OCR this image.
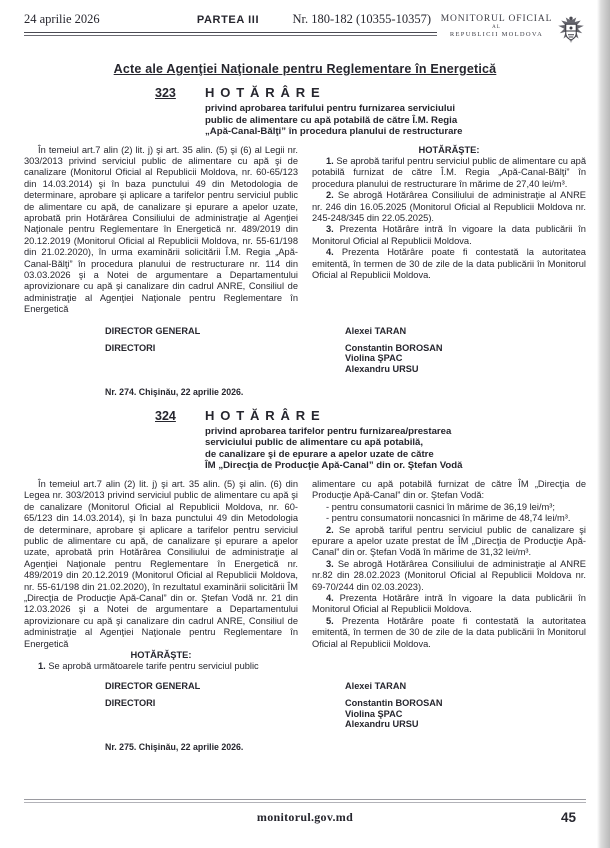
24 aprilie 2026	PARTEA III	Nr. 180-182 (10355-10357)	MONITORUL OFICIAL
AL
REPUBLICII MOLDOVA
Acte ale Agenţiei Naţionale pentru Reglementare în Energetică
323	HOTĂRÂRE
privind aprobarea tarifului pentru furnizarea serviciului
public de alimentare cu apă potabilă de către Î.M. Regia
„Apă-Canal-Bălţi” în procedura planului de restructurare

În temeiul art.7 alin (2) lit. j) şi art. 35 alin. (5) şi (6) al Legii nr. 303/2013 privind serviciul public de alimentare cu apă şi de canalizare (Monitorul Oficial al Republicii Moldova, nr. 60-65/123 din 14.03.2014) şi în baza punctului 49 din Metodologia de determinare, aprobare şi aplicare a tarifelor pentru serviciul public de alimentare cu apă, de canalizare şi epurare a apelor uzate, aprobată prin Hotărârea Consiliului de administraţie al Agenţiei Naţionale pentru Reglementare în Energetică nr. 489/2019 din 20.12.2019 (Monitorul Oficial al Republicii Moldova, nr. 55-61/198 din 21.02.2020), în urma examinării solicitării Î.M. Regia „Apă-Canal-Bălţi” în procedura planului de restructurare nr. 114 din 03.03.2026 şi a Notei de argumentare a Departamentului aprovizionare cu apă şi canalizare din cadrul ANRE, Consiliul de administraţie al Agenţiei Naţionale pentru Reglementare în Energetică

HOTĂRĂŞTE:

1. Se aprobă tariful pentru serviciul public de alimentare cu apă potabilă furnizat de către Î.M. Regia „Apă-Canal-Bălţi” în procedura planului de restructurare în mărime de 27,40 lei/m³.

2. Se abrogă Hotărârea Consiliului de administraţie al ANRE nr. 246 din 16.05.2025 (Monitorul Oficial al Republicii Moldova nr. 245-248/345 din 22.05.2025).

3. Prezenta Hotărâre intră în vigoare la data publicării în Monitorul Oficial al Republicii Moldova.

4. Prezenta Hotărâre poate fi contestată la autoritatea emitentă, în termen de 30 de zile de la data publicării în Monitorul Oficial al Republicii Moldova.

DIRECTOR GENERAL	Alexei TARAN
DIRECTORI	Constantin BOROSAN
Violina ŞPAC
Alexandru URSU
Nr. 274. Chişinău, 22 aprilie 2026.
324	HOTĂRÂRE
privind aprobarea tarifelor pentru furnizarea/prestarea
serviciului public de alimentare cu apă potabilă,
de canalizare şi de epurare a apelor uzate de către
ÎM „Direcţia de Producţie Apă-Canal” din or. Ştefan Vodă

În temeiul art.7 alin (2) lit. j) şi art. 35 alin. (5) şi alin. (6) din Legea nr. 303/2013 privind serviciul public de alimentare cu apă şi de canalizare (Monitorul Oficial al Republicii Moldova, nr. 60-65/123 din 14.03.2014), şi în baza punctului 49 din Metodologia de determinare, aprobare şi aplicare a tarifelor pentru serviciul public de alimentare cu apă, de canalizare şi epurare a apelor uzate, aprobată prin Hotărârea Consiliului de administraţie al Agenţiei Naţionale pentru Reglementare în Energetică nr. 489/2019 din 20.12.2019 (Monitorul Oficial al Republicii Moldova, nr. 55-61/198 din 21.02.2020), în rezultatul examinării solicitării ÎM „Direcţia de Producţie Apă-Canal” din or. Ştefan Vodă nr. 21 din 12.03.2026 şi a Notei de argumentare a Departamentului aprovizionare cu apă şi canalizare din cadrul ANRE, Consiliul de administraţie al Agenţiei Naţionale pentru Reglementare în Energetică

HOTĂRĂŞTE:

1. Se aprobă următoarele tarife pentru serviciul public

alimentare cu apă potabilă furnizat de către ÎM „Direcţia de Producţie Apă-Canal” din or. Ştefan Vodă:

- pentru consumatorii casnici în mărime de 36,19 lei/m³;

- pentru consumatorii noncasnici în mărime de 48,74 lei/m³.

2. Se aprobă tariful pentru serviciul public de canalizare şi epurare a apelor uzate prestat de ÎM „Direcţia de Producţie Apă-Canal” din or. Ştefan Vodă în mărime de 31,32 lei/m³.

3. Se abrogă Hotărârea Consiliului de administraţie al ANRE nr.82 din 28.02.2023 (Monitorul Oficial al Republicii Moldova nr. 69-70/244 din 02.03.2023).

4. Prezenta Hotărâre intră în vigoare la data publicării în Monitorul Oficial al Republicii Moldova.

5. Prezenta Hotărâre poate fi contestată la autoritatea emitentă, în termen de 30 de zile de la data publicării în Monitorul Oficial al Republicii Moldova.

DIRECTOR GENERAL	Alexei TARAN
DIRECTORI	Constantin BOROSAN
Violina ŞPAC
Alexandru URSU
Nr. 275. Chişinău, 22 aprilie 2026.
monitorul.gov.md	45
